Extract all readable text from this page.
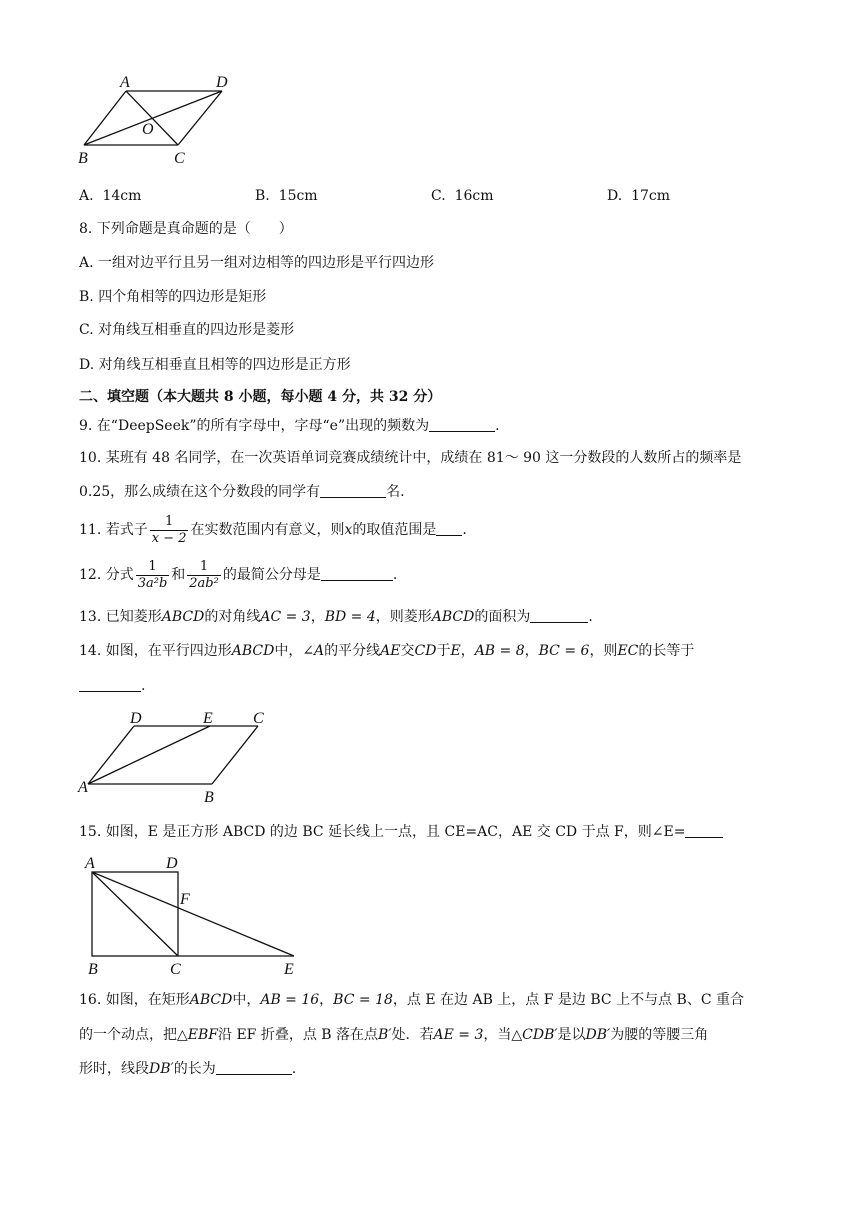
A	D
O
B	C
A. 14cm	B. 15cm	C. 16cm	D. 17cm
8. 下列命题是真命题的是（　　）
A. 一组对边平行且另一组对边相等的四边形是平行四边形
B. 四个角相等的四边形是矩形
C. 对角线互相垂直的四边形是菱形
D. 对角线互相垂直且相等的四边形是正方形
二、填空题（本大题共 8 小题，每小题 4 分，共 32 分）
9. 在“DeepSeek”的所有字母中，字母“e”出现的频数为	.
10. 某班有 48 名同学，在一次英语单词竞赛成绩统计中，成绩在 81～ 90 这一分数段的人数所占的频率是
0.25，那么成绩在这个分数段的同学有	名.
11. 若式子 $\frac{1}{x - 2}$ 在实数范围内有意义，则x的取值范围是 .
12. 分式 $\frac{1}{\text{3a²b}}$ 和 $\frac{1}{\text{2ab²}}$ 的最简公分母是	.
13. 已知菱形ABCD的对角线AC = 3，BD = 4，则菱形ABCD的面积为	.
14. 如图，在平行四边形ABCD中，∠A的平分线AE交CD于E，AB = 8，BC = 6，则EC的长等于
.
D	E	C
A
B
15. 如图，E 是正方形 ABCD 的边 BC 延长线上一点，且 CE=AC，AE 交 CD 于点 F，则∠E=
A	D
F
B	C	E
16. 如图，在矩形ABCD中，AB = 16，BC = 18，点 E 在边 AB 上，点 F 是边 BC 上不与点 B、C 重合
的一个动点，把△EBF沿 EF 折叠，点 B 落在点B′处．若AE = 3，当△CDB′是以DB′为腰的等腰三角
形时，线段DB′的长为	.
